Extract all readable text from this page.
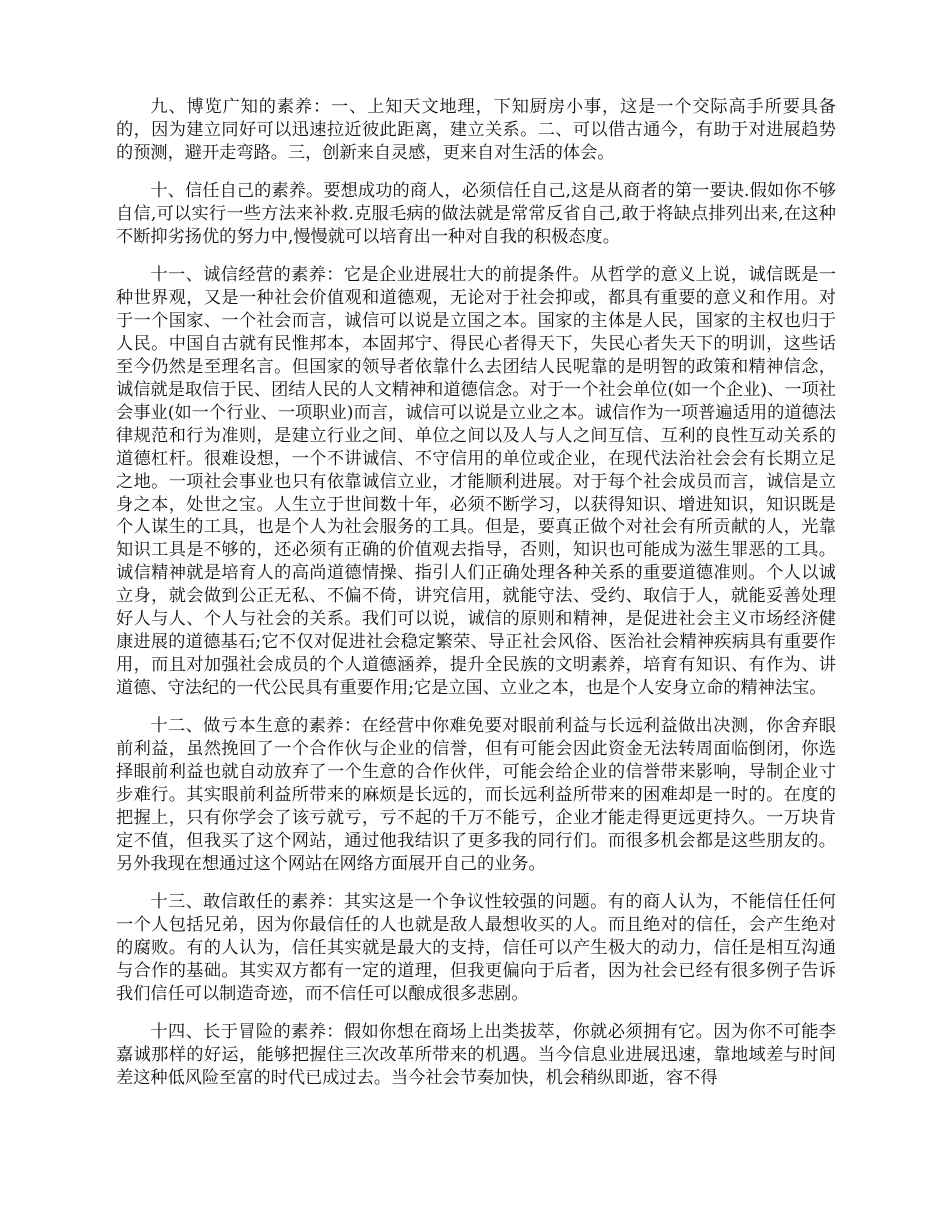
九、博览广知的素养：一、上知天文地理，下知厨房小事，这是一个交际高手所要具备的，因为建立同好可以迅速拉近彼此距离，建立关系。二、可以借古通今，有助于对进展趋势的预测，避开走弯路。三，创新来自灵感，更来自对生活的体会。

十、信任自己的素养。要想成功的商人，必须信任自己,这是从商者的第一要诀.假如你不够自信,可以实行一些方法来补救.克服毛病的做法就是常常反省自己,敢于将缺点排列出来,在这种不断抑劣扬优的努力中,慢慢就可以培育出一种对自我的积极态度。

十一、诚信经营的素养：它是企业进展壮大的前提条件。从哲学的意义上说，诚信既是一种世界观，又是一种社会价值观和道德观，无论对于社会抑或，都具有重要的意义和作用。对于一个国家、一个社会而言，诚信可以说是立国之本。国家的主体是人民，国家的主权也归于人民。中国自古就有民惟邦本，本固邦宁、得民心者得天下，失民心者失天下的明训，这些话至今仍然是至理名言。但国家的领导者依靠什么去团结人民呢靠的是明智的政策和精神信念，诚信就是取信于民、团结人民的人文精神和道德信念。对于一个社会单位(如一个企业)、一项社会事业(如一个行业、一项职业)而言，诚信可以说是立业之本。诚信作为一项普遍适用的道德法律规范和行为准则，是建立行业之间、单位之间以及人与人之间互信、互利的良性互动关系的道德杠杆。很难设想，一个不讲诚信、不守信用的单位或企业，在现代法治社会会有长期立足之地。一项社会事业也只有依靠诚信立业，才能顺利进展。对于每个社会成员而言，诚信是立身之本，处世之宝。人生立于世间数十年，必须不断学习，以获得知识、增进知识，知识既是个人谋生的工具，也是个人为社会服务的工具。但是，要真正做个对社会有所贡献的人，光靠知识工具是不够的，还必须有正确的价值观去指导，否则，知识也可能成为滋生罪恶的工具。诚信精神就是培育人的高尚道德情操、指引人们正确处理各种关系的重要道德准则。个人以诚立身，就会做到公正无私、不偏不倚，讲究信用，就能守法、受约、取信于人，就能妥善处理好人与人、个人与社会的关系。我们可以说，诚信的原则和精神，是促进社会主义市场经济健康进展的道德基石;它不仅对促进社会稳定繁荣、导正社会风俗、医治社会精神疾病具有重要作用，而且对加强社会成员的个人道德涵养，提升全民族的文明素养，培育有知识、有作为、讲道德、守法纪的一代公民具有重要作用;它是立国、立业之本，也是个人安身立命的精神法宝。

十二、做亏本生意的素养：在经营中你难免要对眼前利益与长远利益做出决测，你舍弃眼前利益，虽然挽回了一个合作伙与企业的信誉，但有可能会因此资金无法转周面临倒闭，你选择眼前利益也就自动放弃了一个生意的合作伙伴，可能会给企业的信誉带来影响，导制企业寸步难行。其实眼前利益所带来的麻烦是长远的，而长远利益所带来的困难却是一时的。在度的把握上，只有你学会了该亏就亏，亏不起的千万不能亏，企业才能走得更远更持久。一万块肯定不值，但我买了这个网站，通过他我结识了更多我的同行们。而很多机会都是这些朋友的。另外我现在想通过这个网站在网络方面展开自己的业务。

十三、敢信敢任的素养：其实这是一个争议性较强的问题。有的商人认为，不能信任任何一个人包括兄弟，因为你最信任的人也就是敌人最想收买的人。而且绝对的信任，会产生绝对的腐败。有的人认为，信任其实就是最大的支持，信任可以产生极大的动力，信任是相互沟通与合作的基础。其实双方都有一定的道理，但我更偏向于后者，因为社会已经有很多例子告诉我们信任可以制造奇迹，而不信任可以酿成很多悲剧。

十四、长于冒险的素养：假如你想在商场上出类拔萃，你就必须拥有它。因为你不可能李嘉诚那样的好运，能够把握住三次改革所带来的机遇。当今信息业进展迅速，靠地域差与时间差这种低风险至富的时代已成过去。当今社会节奏加快，机会稍纵即逝，容不得
